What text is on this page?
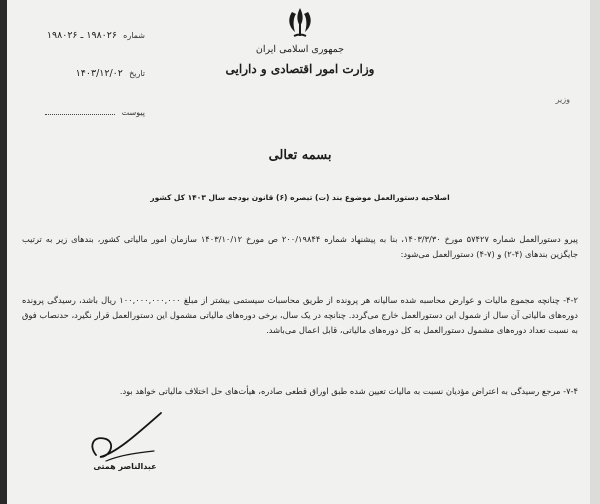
شماره ۱۹۸۰۲۶ ـ ۱۹۸۰۲۶
تاریخ ۱۴۰۳/۱۲/۰۲
پیوست
جمهوری اسلامی ایران
وزارت امور اقتصادی و دارایی
وزیر
بسمه تعالی
اصلاحیه دستورالعمل موضوع بند (ت) تبصره (۶) قانون بودجه سال ۱۴۰۳ کل کشور
پیرو دستورالعمل شماره ۵۷۴۲۷ مورخ ۱۴۰۳/۳/۳۰، بنا به پیشنهاد شماره ۲۰۰/۱۹۸۴۴ ص مورخ ۱۴۰۳/۱۰/۱۲ سازمان امور مالیاتی کشور، بندهای زیر به ترتیب جایگزین بندهای (۴-۲) و (۷-۴) دستورالعمل می‌شود:
۴-۲- چنانچه مجموع مالیات و عوارض محاسبه شده سالیانه هر پرونده از طریق محاسبات سیستمی بیشتر از مبلغ ۱۰۰,۰۰۰,۰۰۰,۰۰۰ ریال باشد، رسیدگی پرونده دوره‌های مالیاتی آن سال از شمول این دستورالعمل خارج می‌گردد. چنانچه در یک سال، برخی دوره‌های مالیاتی مشمول این دستورالعمل قرار نگیرد، حدنصاب فوق به نسبت تعداد دوره‌های مشمول دستورالعمل به کل دوره‌های مالیاتی، قابل اعمال می‌باشد.
۷-۴- مرجع رسیدگی به اعتراض مؤدیان نسبت به مالیات تعیین شده طبق اوراق قطعی صادره، هیأت‌های حل اختلاف مالیاتی خواهد بود.
عبدالناصر همتی
